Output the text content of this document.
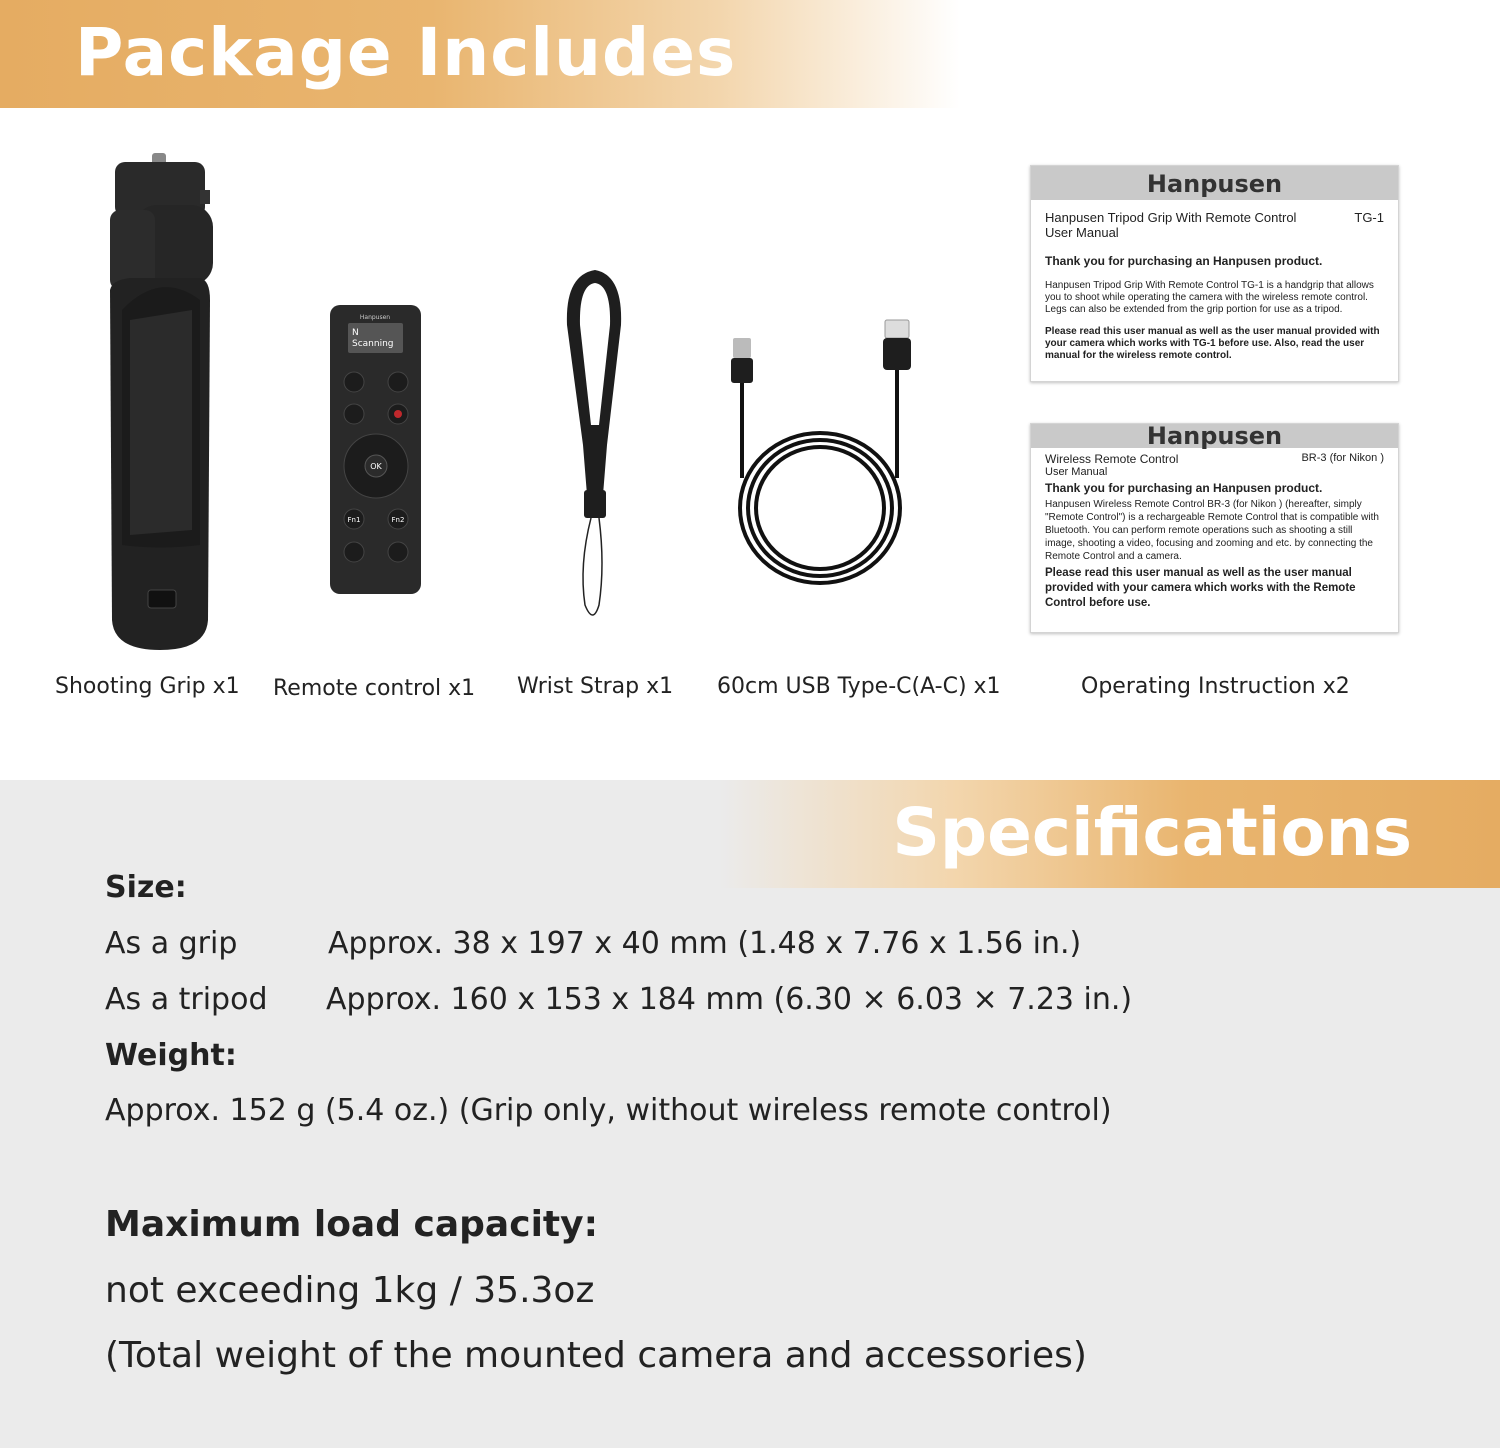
Package Includes
Hanpusen
N
Scanning
OK
Fn1	Fn2
Hanpusen
Hanpusen Tripod Grip With Remote Control	TG-1
User Manual

Thank you for purchasing an Hanpusen product.

Hanpusen Tripod Grip With Remote Control TG-1 is a handgrip that allows you to shoot while operating the camera with the wireless remote control. Legs can also be extended from the grip portion for use as a tripod.

Please read this user manual as well as the user manual provided with your camera which works with TG-1 before use. Also, read the user manual for the wireless remote control.

Hanpusen
Wireless Remote Control	BR-3 (for Nikon )
User Manual

Thank you for purchasing an Hanpusen product.

Hanpusen Wireless Remote Control BR-3 (for Nikon ) (hereafter, simply "Remote Control") is a rechargeable Remote Control that is compatible with Bluetooth. You can perform remote operations such as shooting a still image, shooting a video, focusing and zooming and etc. by connecting the Remote Control and a camera.

Please read this user manual as well as the user manual provided with your camera which works with the Remote Control before use.

Shooting Grip x1 Remote control x1 Wrist Strap x1 60cm USB Type-C(A-C) x1	Operating Instruction x2
Specifications
Size:
As a grip	Approx. 38 x 197 x 40 mm (1.48 x 7.76 x 1.56 in.)
As a tripod Approx. 160 x 153 x 184 mm (6.30 × 6.03 × 7.23 in.)
Weight:
Approx. 152 g (5.4 oz.) (Grip only, without wireless remote control)
Maximum load capacity:
not exceeding 1kg / 35.3oz
(Total weight of the mounted camera and accessories)
